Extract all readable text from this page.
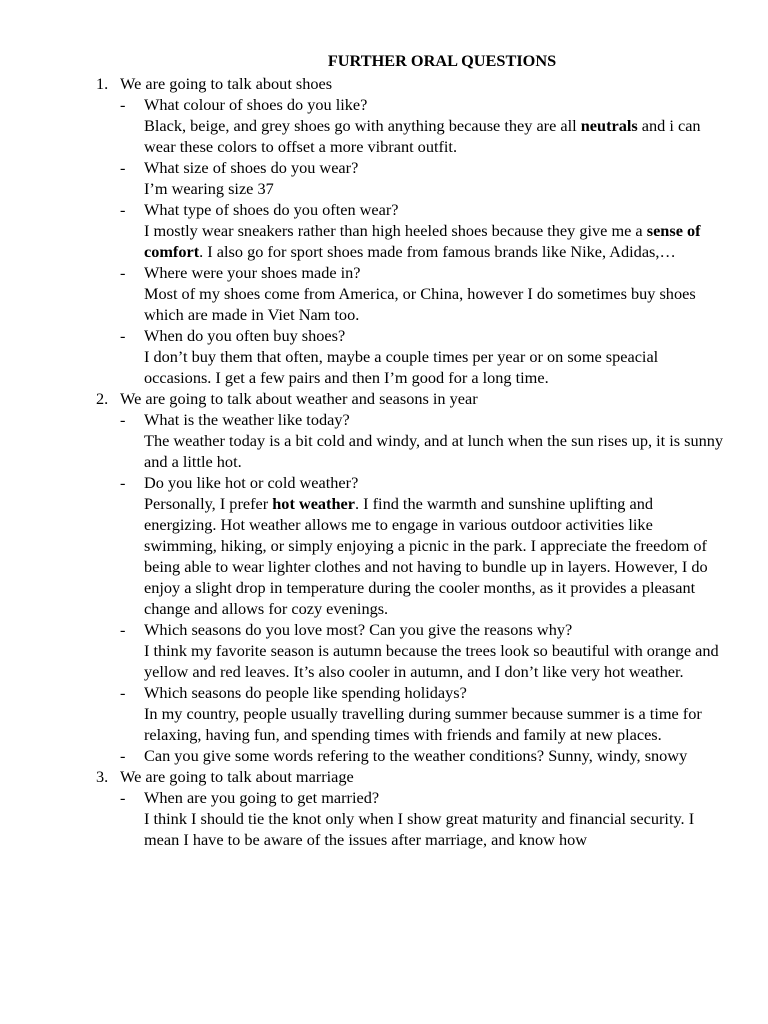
FURTHER ORAL QUESTIONS
1. We are going to talk about shoes
- What colour of shoes do you like?
Black, beige, and grey shoes go with anything because they are all neutrals and i can wear these colors to offset a more vibrant outfit.
- What size of shoes do you wear?
I’m wearing size 37
- What type of shoes do you often wear?
I mostly wear sneakers rather than high heeled shoes because they give me a sense of comfort. I also go for sport shoes made from famous brands like Nike, Adidas,…
- Where were your shoes made in?
Most of my shoes come from America, or China, however I do sometimes buy shoes which are made in Viet Nam too.
- When do you often buy shoes?
I don’t buy them that often, maybe a couple times per year or on some speacial occasions. I get a few pairs and then I’m good for a long time.
2. We are going to talk about weather and seasons in year
- What is the weather like today?
The weather today is a bit cold and windy, and at lunch when the sun rises up, it is sunny and a little hot.
- Do you like hot or cold weather?
Personally, I prefer hot weather. I find the warmth and sunshine uplifting and energizing. Hot weather allows me to engage in various outdoor activities like swimming, hiking, or simply enjoying a picnic in the park. I appreciate the freedom of being able to wear lighter clothes and not having to bundle up in layers. However, I do enjoy a slight drop in temperature during the cooler months, as it provides a pleasant change and allows for cozy evenings.
- Which seasons do you love most? Can you give the reasons why?
I think my favorite season is autumn because the trees look so beautiful with orange and yellow and red leaves. It’s also cooler in autumn, and I don’t like very hot weather.
- Which seasons do people like spending holidays?
In my country, people usually travelling during summer because summer is a time for relaxing, having fun, and spending times with friends and family at new places.
- Can you give some words refering to the weather conditions? Sunny, windy, snowy
3. We are going to talk about marriage
- When are you going to get married?
I think I should tie the knot only when I show great maturity and financial security. I mean I have to be aware of the issues after marriage, and know how
